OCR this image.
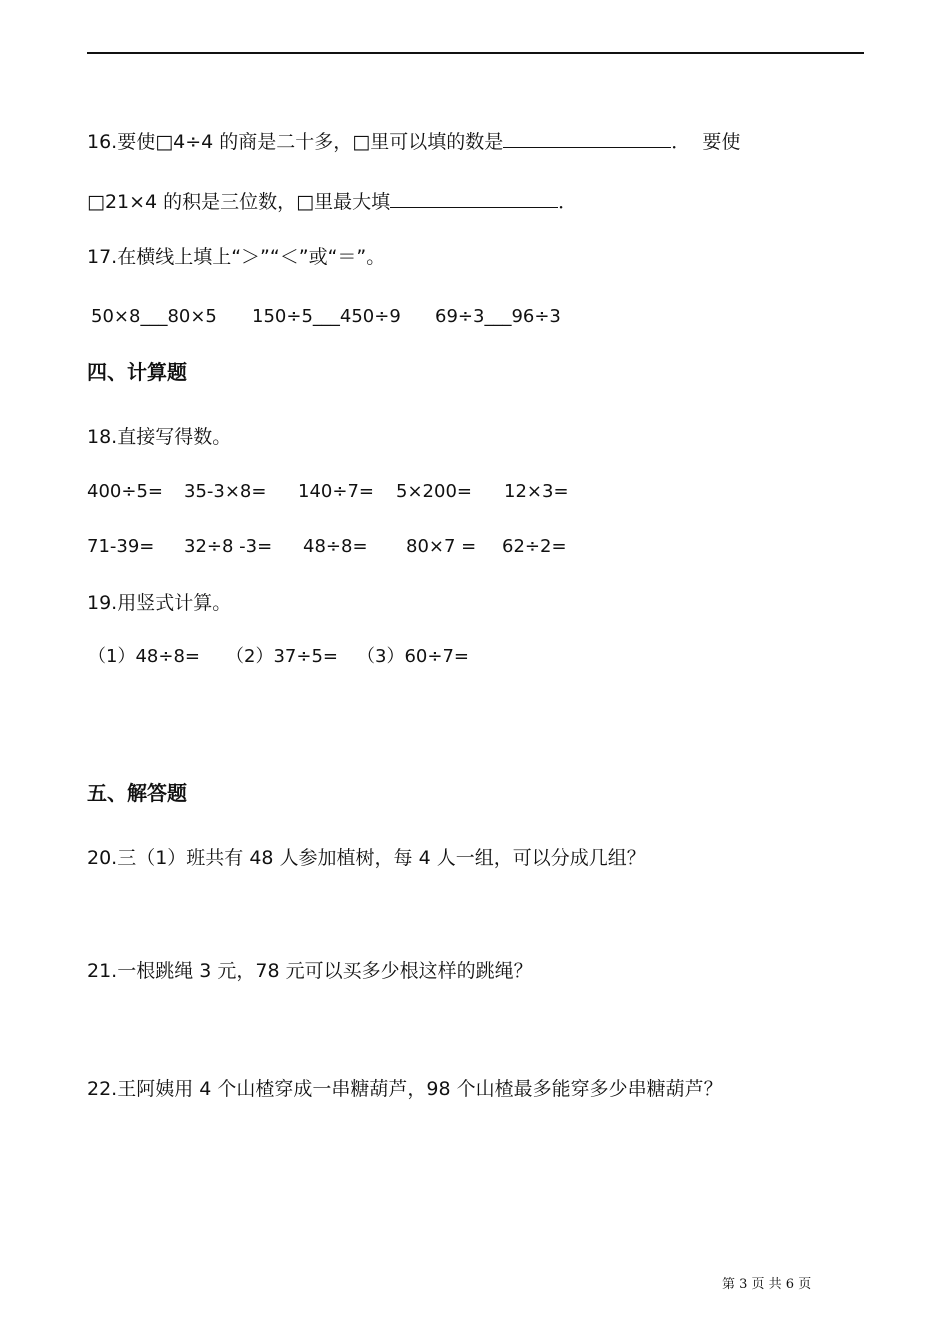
16.要使□4÷4 的商是二十多，□里可以填的数是	．  要使
□21×4 的积是三位数，□里最大填	．
17.在横线上填上“＞”“＜”或“＝”。
50×8___80×5 150÷5___450÷9 69÷3___96÷3
四、计算题
18.直接写得数。
400÷5= 35-3×8= 140÷7= 5×200= 12×3=
71-39= 32÷8 -3= 48÷8= 80×7 = 62÷2=
19.用竖式计算。
（1）48÷8= （2）37÷5= （3）60÷7=
五、解答题
20.三（1）班共有 48 人参加植树，每 4 人一组，可以分成几组？
21.一根跳绳 3 元，78 元可以买多少根这样的跳绳？
22.王阿姨用 4 个山楂穿成一串糖葫芦，98 个山楂最多能穿多少串糖葫芦？
第 3 页 共 6 页
